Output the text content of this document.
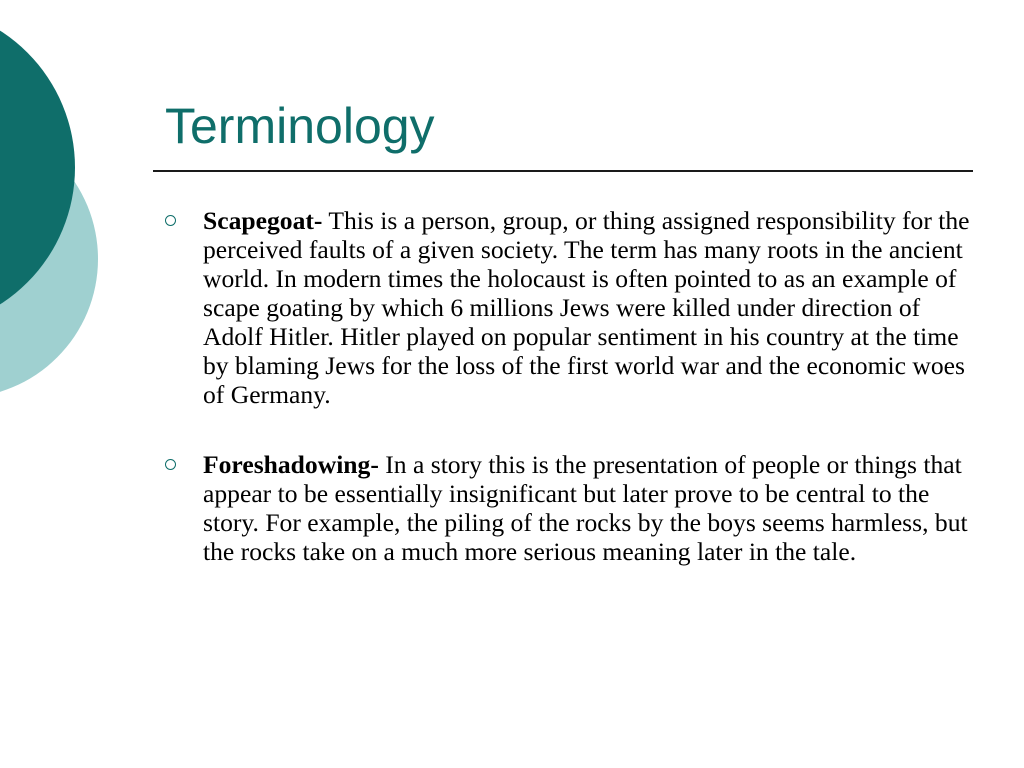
Terminology
Scapegoat- This is a person, group, or thing assigned responsibility for the perceived faults of a given society. The term has many roots in the ancient world. In modern times the holocaust is often pointed to as an example of scape goating by which 6 millions Jews were killed under direction of Adolf Hitler. Hitler played on popular sentiment in his country at the time by blaming Jews for the loss of the first world war and the economic woes of Germany.
Foreshadowing- In a story this is the presentation of people or things that appear to be essentially insignificant but later prove to be central to the story. For example, the piling of the rocks by the boys seems harmless, but the rocks take on a much more serious meaning later in the tale.
